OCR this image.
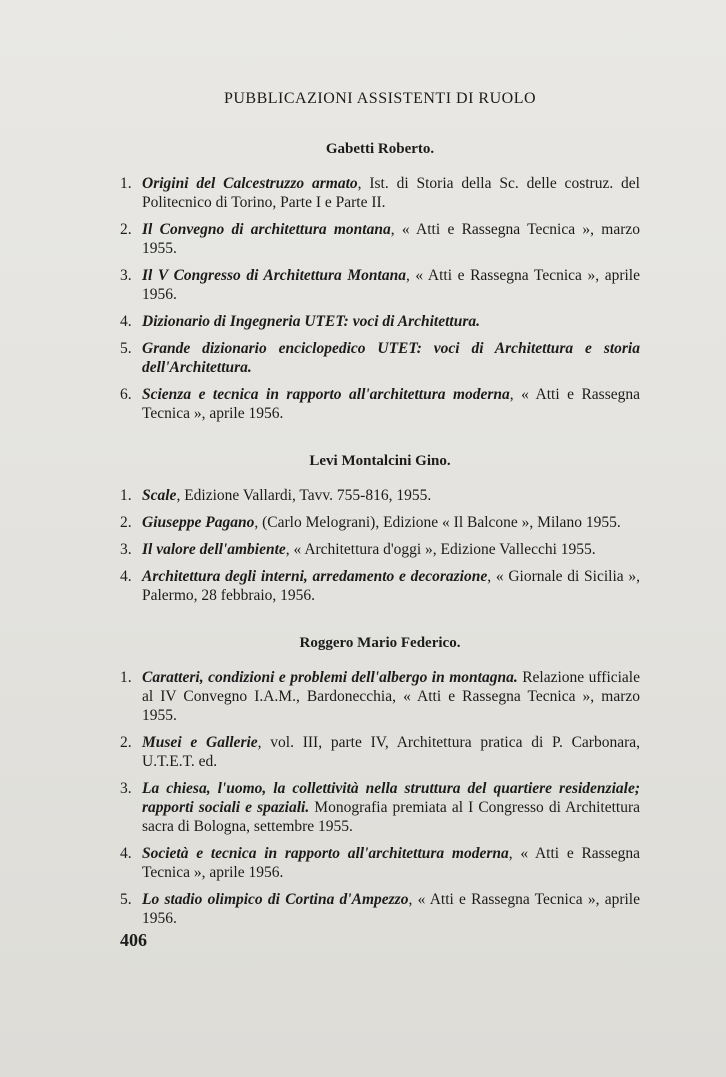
PUBBLICAZIONI ASSISTENTI DI RUOLO
Gabetti Roberto.
1. Origini del Calcestruzzo armato, Ist. di Storia della Sc. delle costruz. del Politecnico di Torino, Parte I e Parte II.
2. Il Convegno di architettura montana, « Atti e Rassegna Tecnica », marzo 1955.
3. Il V Congresso di Architettura Montana, « Atti e Rassegna Tecnica », aprile 1956.
4. Dizionario di Ingegneria UTET: voci di Architettura.
5. Grande dizionario enciclopedico UTET: voci di Architettura e storia dell'Architettura.
6. Scienza e tecnica in rapporto all'architettura moderna, « Atti e Rassegna Tecnica », aprile 1956.
Levi Montalcini Gino.
1. Scale, Edizione Vallardi, Tavv. 755-816, 1955.
2. Giuseppe Pagano, (Carlo Melograni), Edizione « Il Balcone », Milano 1955.
3. Il valore dell'ambiente, « Architettura d'oggi », Edizione Vallecchi 1955.
4. Architettura degli interni, arredamento e decorazione, « Giornale di Sicilia », Palermo, 28 febbraio, 1956.
Roggero Mario Federico.
1. Caratteri, condizioni e problemi dell'albergo in montagna. Relazione ufficiale al IV Convegno I.A.M., Bardonecchia, « Atti e Rassegna Tecnica », marzo 1955.
2. Musei e Gallerie, vol. III, parte IV, Architettura pratica di P. Carbonara, U.T.E.T. ed.
3. La chiesa, l'uomo, la collettività nella struttura del quartiere residenziale; rapporti sociali e spaziali. Monografia premiata al I Congresso di Architettura sacra di Bologna, settembre 1955.
4. Società e tecnica in rapporto all'architettura moderna, « Atti e Rassegna Tecnica », aprile 1956.
5. Lo stadio olimpico di Cortina d'Ampezzo, « Atti e Rassegna Tecnica », aprile 1956.
406
